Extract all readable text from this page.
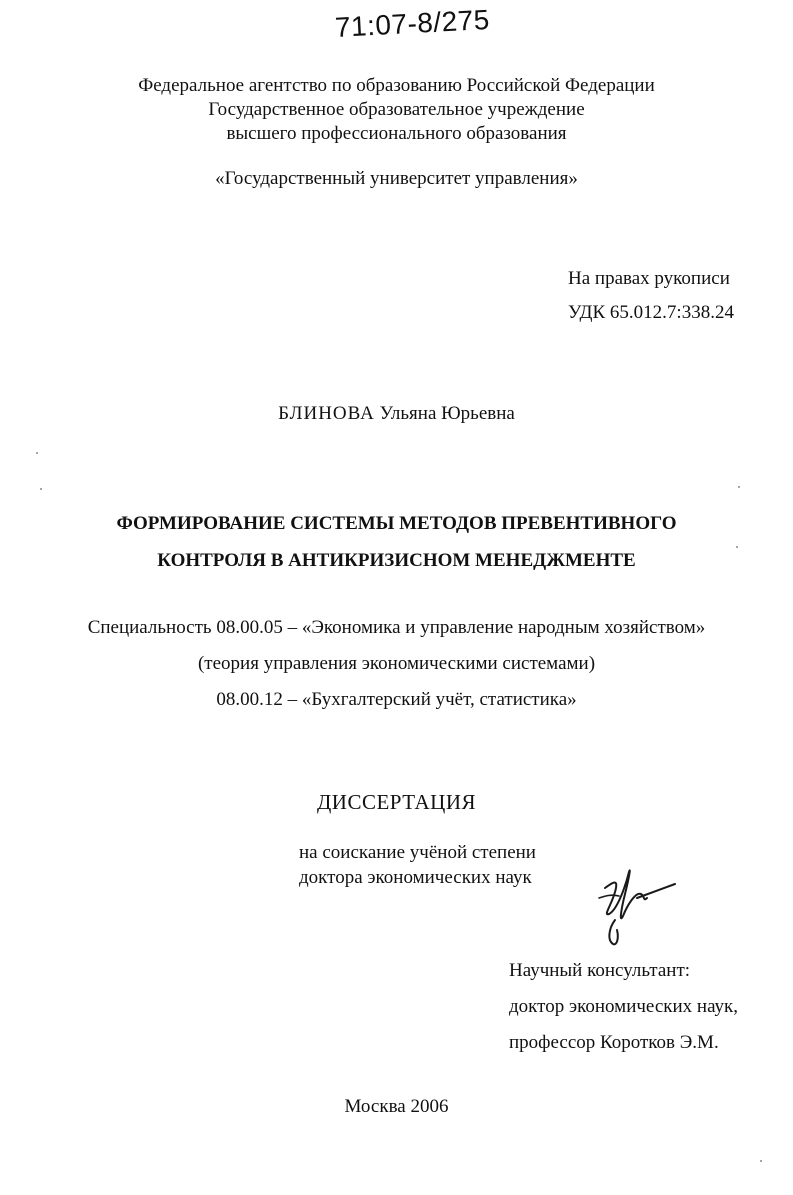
71:07-8/275
Федеральное агентство по образованию Российской Федерации
Государственное образовательное учреждение
высшего профессионального образования
«Государственный университет управления»
На правах рукописи
УДК 65.012.7:338.24
БЛИНОВА Ульяна Юрьевна
ФОРМИРОВАНИЕ СИСТЕМЫ МЕТОДОВ ПРЕВЕНТИВНОГО
КОНТРОЛЯ В АНТИКРИЗИСНОМ МЕНЕДЖМЕНТЕ
Специальность 08.00.05 – «Экономика и управление народным хозяйством»
(теория управления экономическими системами)
08.00.12 – «Бухгалтерский учёт, статистика»
ДИССЕРТАЦИЯ
на соискание учёной степени
доктора экономических наук
Научный консультант:
доктор экономических наук,
профессор Коротков Э.М.
Москва 2006
